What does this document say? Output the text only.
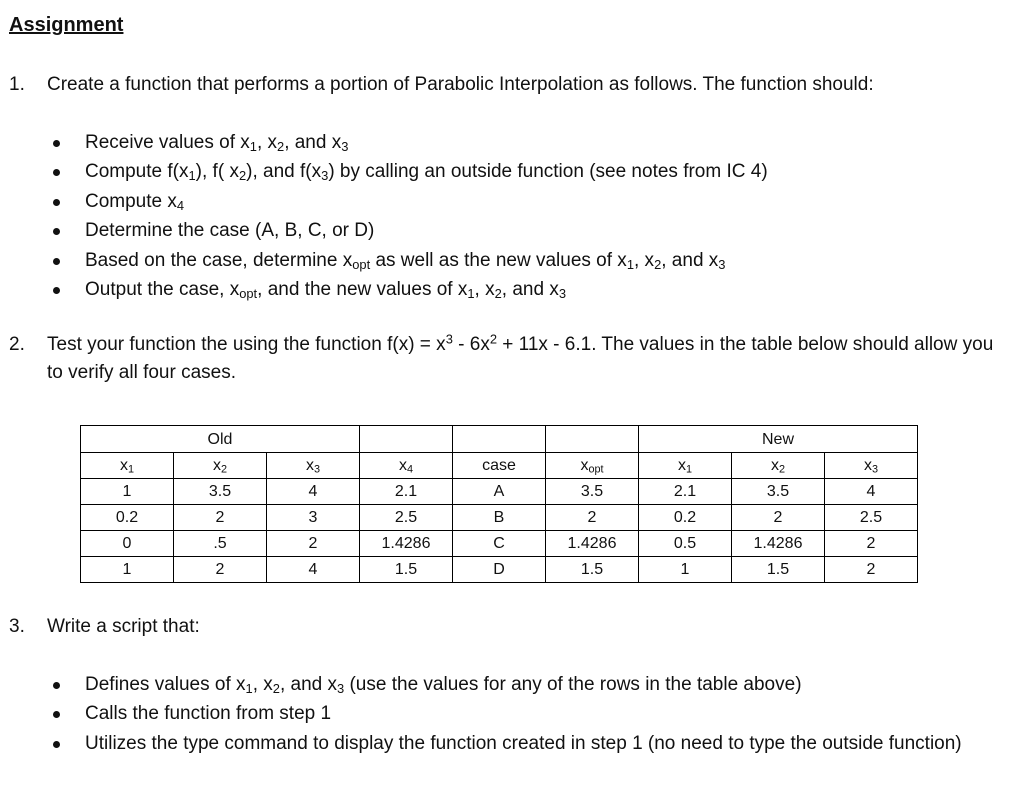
Assignment
1. Create a function that performs a portion of Parabolic Interpolation as follows. The function should:
Receive values of $x_1$, $x_2$, and $x_3$
Compute $f(x_1)$, f( $x_2$), and $f(x_3)$ by calling an outside function (see notes from IC 4)
Compute $x_4$
Determine the case (A, B, C, or D)
Based on the case, determine $x_{opt}$ as well as the new values of $x_1$, $x_2$, and $x_3$
Output the case, $x_{opt}$, and the new values of $x_1$, $x_2$, and $x_3$
2. Test your function the using the function $f(x) = x^3 - 6x^2 + 11x - 6.1$. The values in the table below should allow you to verify all four cases.
Old						New		
$x_1$	$x_2$	$x_3$	$x_4$	case	$x_{opt}$	$x_1$	$x_2$	$x_3$
1	3.5	4	2.1	A	3.5	2.1	3.5	4
0.2	2	3	2.5	B	2	0.2	2	2.5
0	.5	2	1.4286	C	1.4286	0.5	1.4286	2
1	2	4	1.5	D	1.5	1	1.5	2
3. Write a script that:
Defines values of $x_1$, $x_2$, and $x_3$ (use the values for any of the rows in the table above)
Calls the function from step 1
Utilizes the type command to display the function created in step 1 (no need to type the outside function)
